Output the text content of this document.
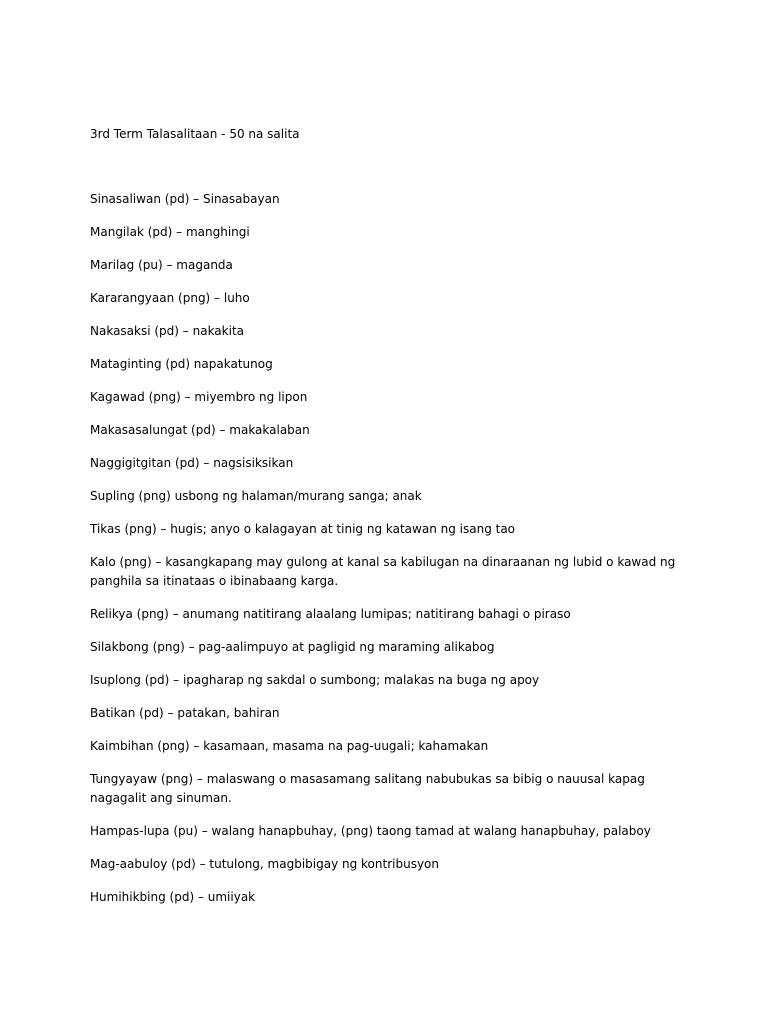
3rd Term Talasalitaan - 50 na salita
Sinasaliwan (pd) – Sinasabayan
Mangilak (pd) – manghingi
Marilag (pu) – maganda
Kararangyaan (png) – luho
Nakasaksi (pd) – nakakita
Mataginting (pd) napakatunog
Kagawad (png) – miyembro ng lipon
Makasasalungat (pd) – makakalaban
Naggigitgitan (pd) – nagsisiksikan
Supling (png) usbong ng halaman/murang sanga; anak
Tikas (png) – hugis; anyo o kalagayan at tinig ng katawan ng isang tao
Kalo (png) – kasangkapang may gulong at kanal sa kabilugan na dinaraanan ng lubid o kawad ng panghila sa itinataas o ibinabaang karga.
Relikya (png) – anumang natitirang alaalang lumipas; natitirang bahagi o piraso
Silakbong (png) – pag-aalimpuyo at pagligid ng maraming alikabog
Isuplong (pd) – ipagharap ng sakdal o sumbong; malakas na buga ng apoy
Batikan (pd) – patakan, bahiran
Kaimbihan (png) – kasamaan, masama na pag-uugali; kahamakan
Tungyayaw (png) – malaswang o masasamang salitang nabubukas sa bibig o nauusal kapag nagagalit ang sinuman.
Hampas-lupa (pu) – walang hanapbuhay, (png) taong tamad at walang hanapbuhay, palaboy
Mag-aabuloy (pd) – tutulong, magbibigay ng kontribusyon
Humihikbing (pd) – umiiyak
